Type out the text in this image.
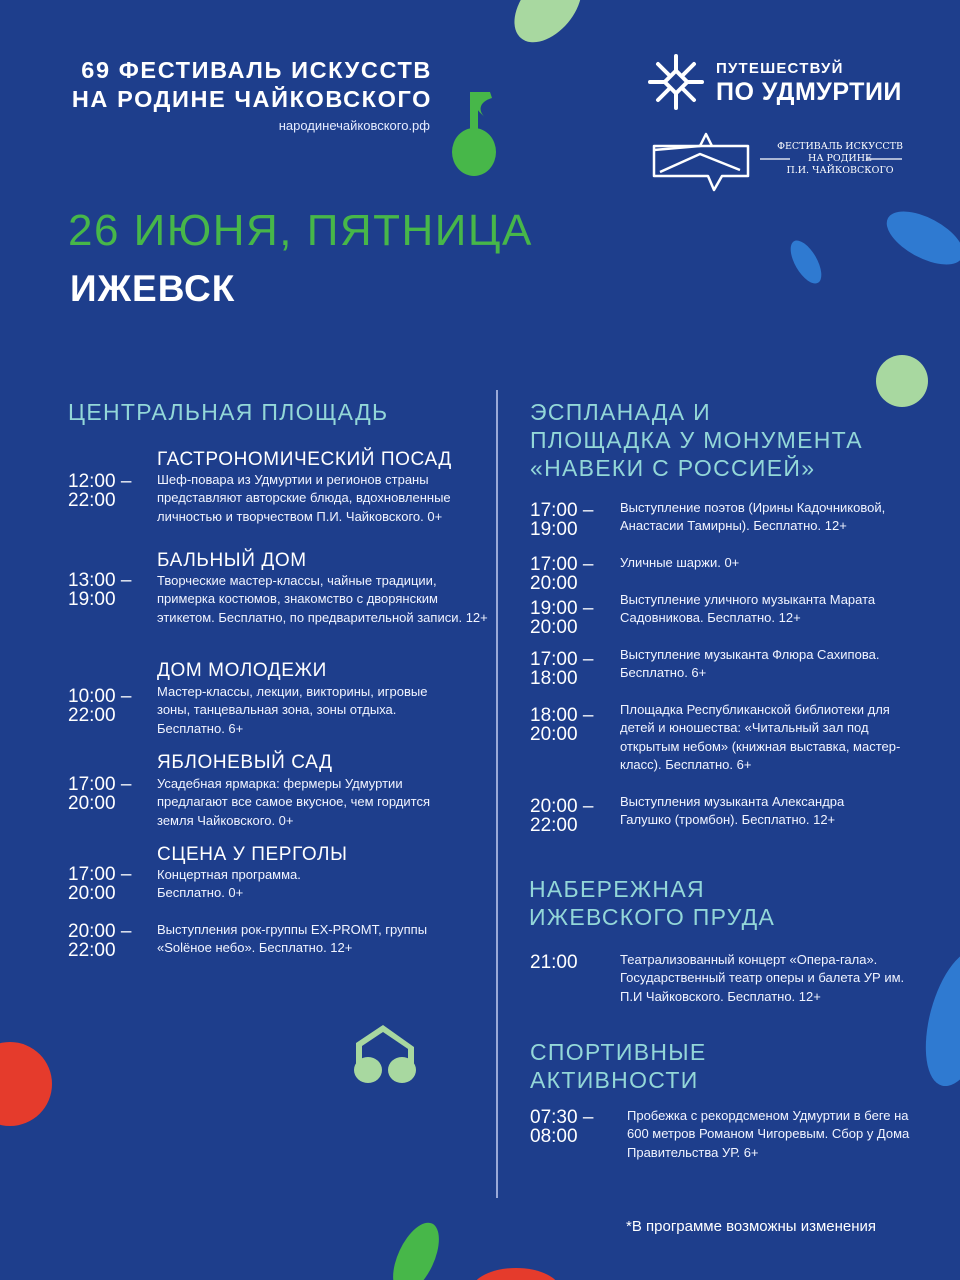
69 ФЕСТИВАЛЬ ИСКУССТВ
НА РОДИНЕ ЧАЙКОВСКОГО
народинечайковского.рф
ПУТЕШЕСТВУЙ
ПО УДМУРТИИ
ФЕСТИВАЛЬ ИСКУССТВ
НА РОДИНЕ
П.И. ЧАЙКОВСКОГО
26 ИЮНЯ, ПЯТНИЦА
ИЖЕВСК
ЦЕНТРАЛЬНАЯ ПЛОЩАДЬ
ГАСТРОНОМИЧЕСКИЙ ПОСАД
12:00 –
22:00
Шеф-повара из Удмуртии и регионов страны представляют авторские блюда, вдохновленные личностью и творчеством П.И. Чайковского. 0+
БАЛЬНЫЙ ДОМ
13:00 –
19:00
Творческие мастер-классы, чайные традиции, примерка костюмов, знакомство с дворянским этикетом. Бесплатно, по предварительной записи. 12+
ДОМ МОЛОДЕЖИ
10:00 –
22:00
Мастер-классы, лекции, викторины, игровые зоны, танцевальная зона, зоны отдыха. Бесплатно. 6+
ЯБЛОНЕВЫЙ САД
17:00 –
20:00
Усадебная ярмарка: фермеры Удмуртии предлагают все самое вкусное, чем гордится земля Чайковского. 0+
СЦЕНА У ПЕРГОЛЫ
17:00 –
20:00
Концертная программа. Бесплатно. 0+
20:00 –
22:00
Выступления рок-группы EX-PROMT, группы «Solёное небо». Бесплатно. 12+
ЭСПЛАНАДА И
ПЛОЩАДКА У МОНУМЕНТА
«НАВЕКИ С РОССИЕЙ»
17:00 –
19:00
Выступление поэтов (Ирины Кадочниковой, Анастасии Тамирны). Бесплатно. 12+
17:00 –
20:00
Уличные шаржи. 0+
19:00 –
20:00
Выступление уличного музыканта Марата Садовникова. Бесплатно. 12+
17:00 –
18:00
Выступление музыканта Флюра Сахипова. Бесплатно. 6+
18:00 –
20:00
Площадка Республиканской библиотеки для детей и юношества: «Читальный зал под открытым небом» (книжная выставка, мастер-класс). Бесплатно. 6+
20:00 –
22:00
Выступления музыканта Александра Галушко (тромбон). Бесплатно. 12+
НАБЕРЕЖНАЯ
ИЖЕВСКОГО ПРУДА
21:00	Театрализованный концерт «Опера-гала». Государственный театр оперы и балета УР им. П.И Чайковского. Бесплатно. 12+
СПОРТИВНЫЕ
АКТИВНОСТИ
07:30 –
08:00
Пробежка с рекордсменом Удмуртии в беге на 600 метров Романом Чигоревым. Сбор у Дома Правительства УР. 6+
*В программе возможны изменения
